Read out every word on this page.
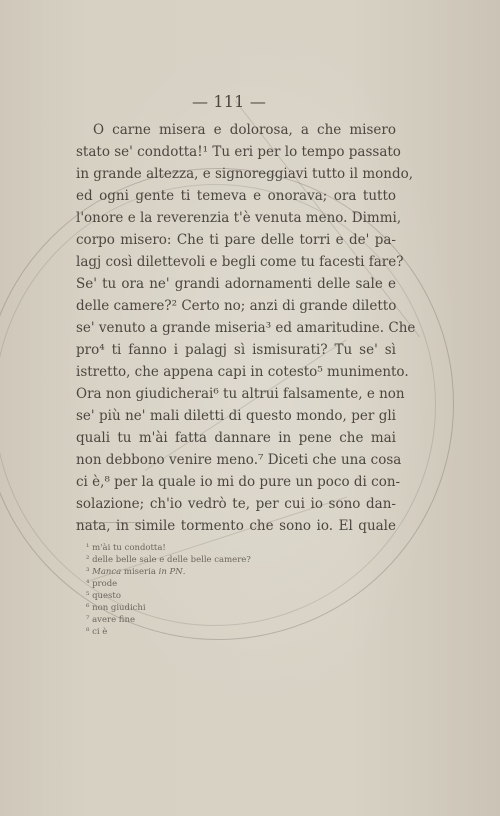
— 111 —
O carne misera e dolorosa, a che misero
stato se' condotta!¹ Tu eri per lo tempo passato
in grande altezza, e signoreggiavi tutto il mondo,
ed ogni gente ti temeva e onorava; ora tutto
l'onore e la reverenzia t'è venuta meno. Dimmi,
corpo misero: Che ti pare delle torri e de' pa-
lagj così dilettevoli e begli come tu facesti fare?
Se' tu ora ne' grandi adornamenti delle sale e
delle camere?² Certo no; anzi di grande diletto
se' venuto a grande miseria³ ed amaritudine. Che
pro⁴ ti fanno i palagj sì ismisurati? Tu se' sì
istretto, che appena capi in cotesto⁵ munimento.
Ora non giudicherai⁶ tu altrui falsamente, e non
se' più ne' mali diletti di questo mondo, per gli
quali tu m'ài fatta dannare in pene che mai
non debbono venire meno.⁷ Diceti che una cosa
ci è,⁸ per la quale io mi do pure un poco di con-
solazione; ch'io vedrò te, per cui io sono dan-
nata, in simile tormento che sono io. El quale
¹ m'ài tu condotta!
² delle belle sale e delle belle camere?
³ Manca miseria in PN.
⁴ prode
⁵ questo
⁶ non giudichi
⁷ avere fine
⁸ ci è
